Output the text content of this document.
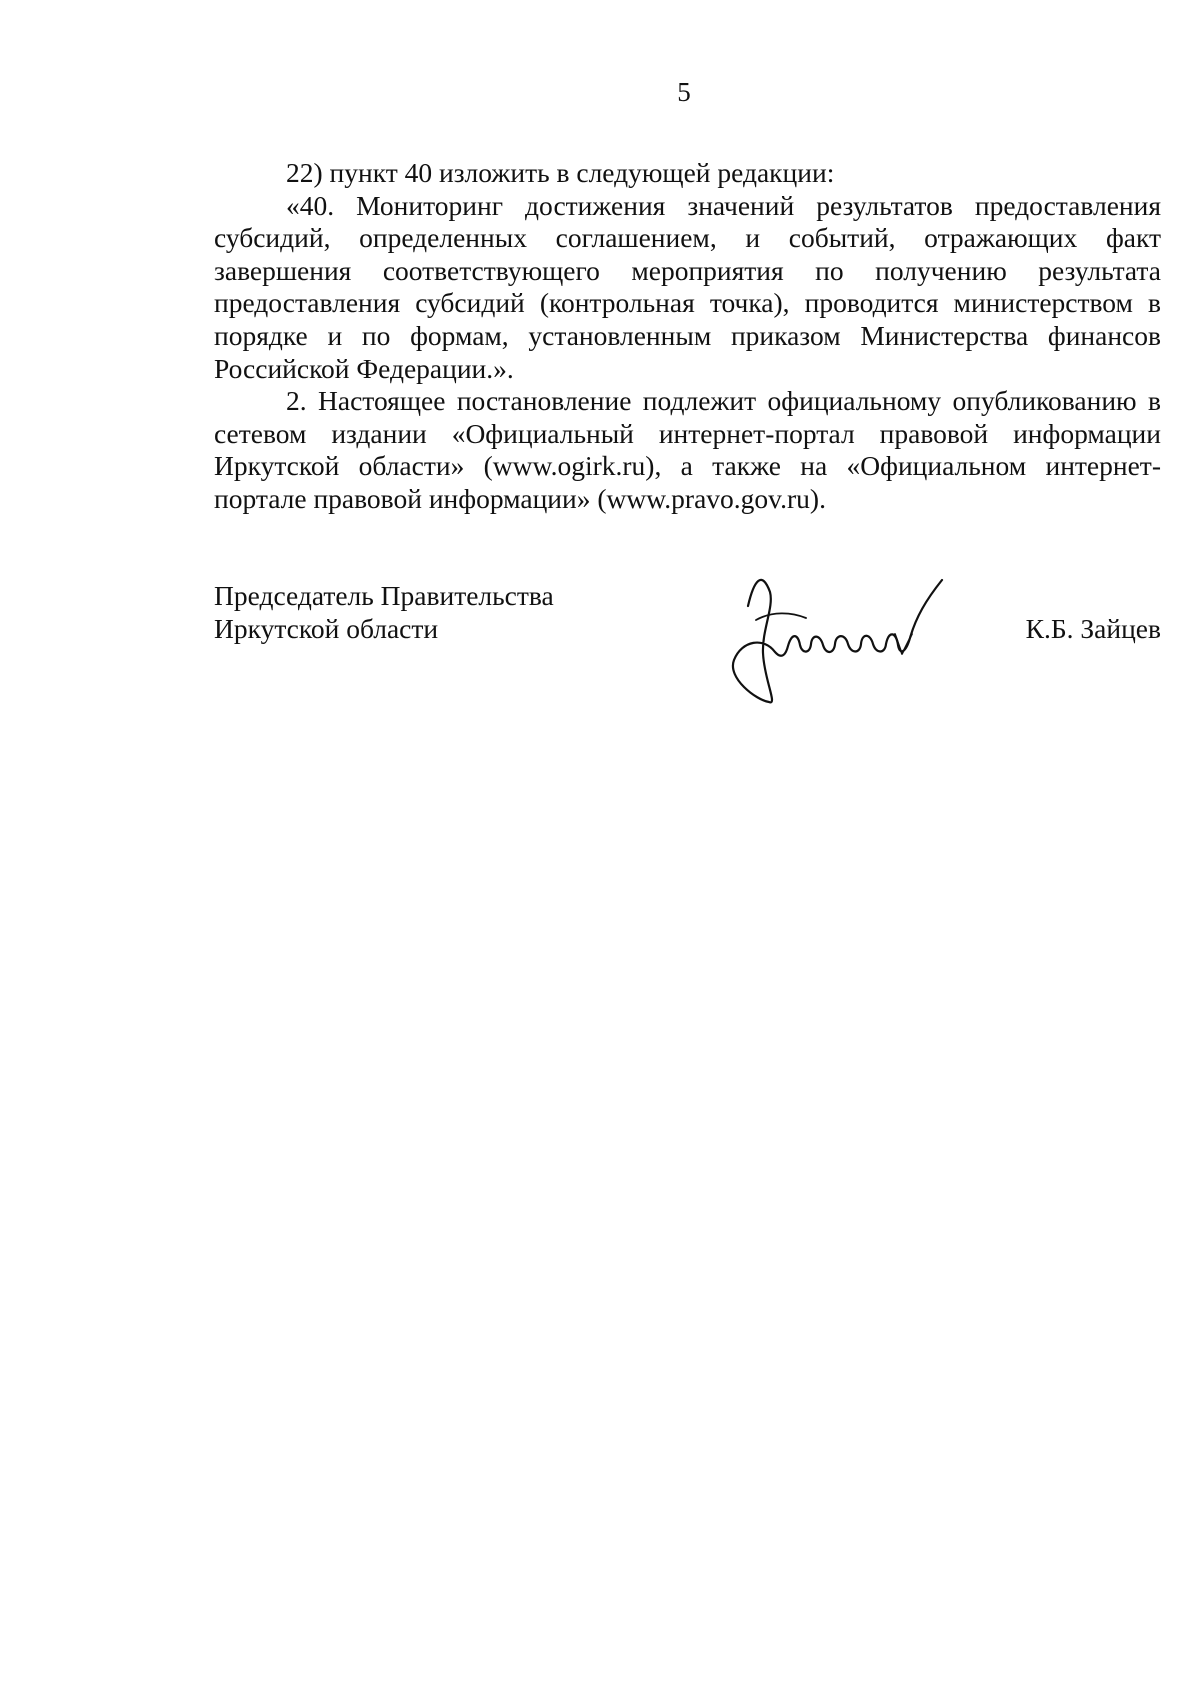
5

22) пункт 40 изложить в следующей редакции:

«40. Мониторинг достижения значений результатов предоставления субсидий, определенных соглашением, и событий, отражающих факт завершения соответствующего мероприятия по получению результата предоставления субсидий (контрольная точка), проводится министерством в порядке и по формам, установленным приказом Министерства финансов Российской Федерации.».

2. Настоящее постановление подлежит официальному опубликованию в сетевом издании «Официальный интернет-портал правовой информации Иркутской области» (www.ogirk.ru), а также на «Официальном интернет-портале правовой информации» (www.pravo.gov.ru).

Председатель Правительства
Иркутской области	К.Б. Зайцев
